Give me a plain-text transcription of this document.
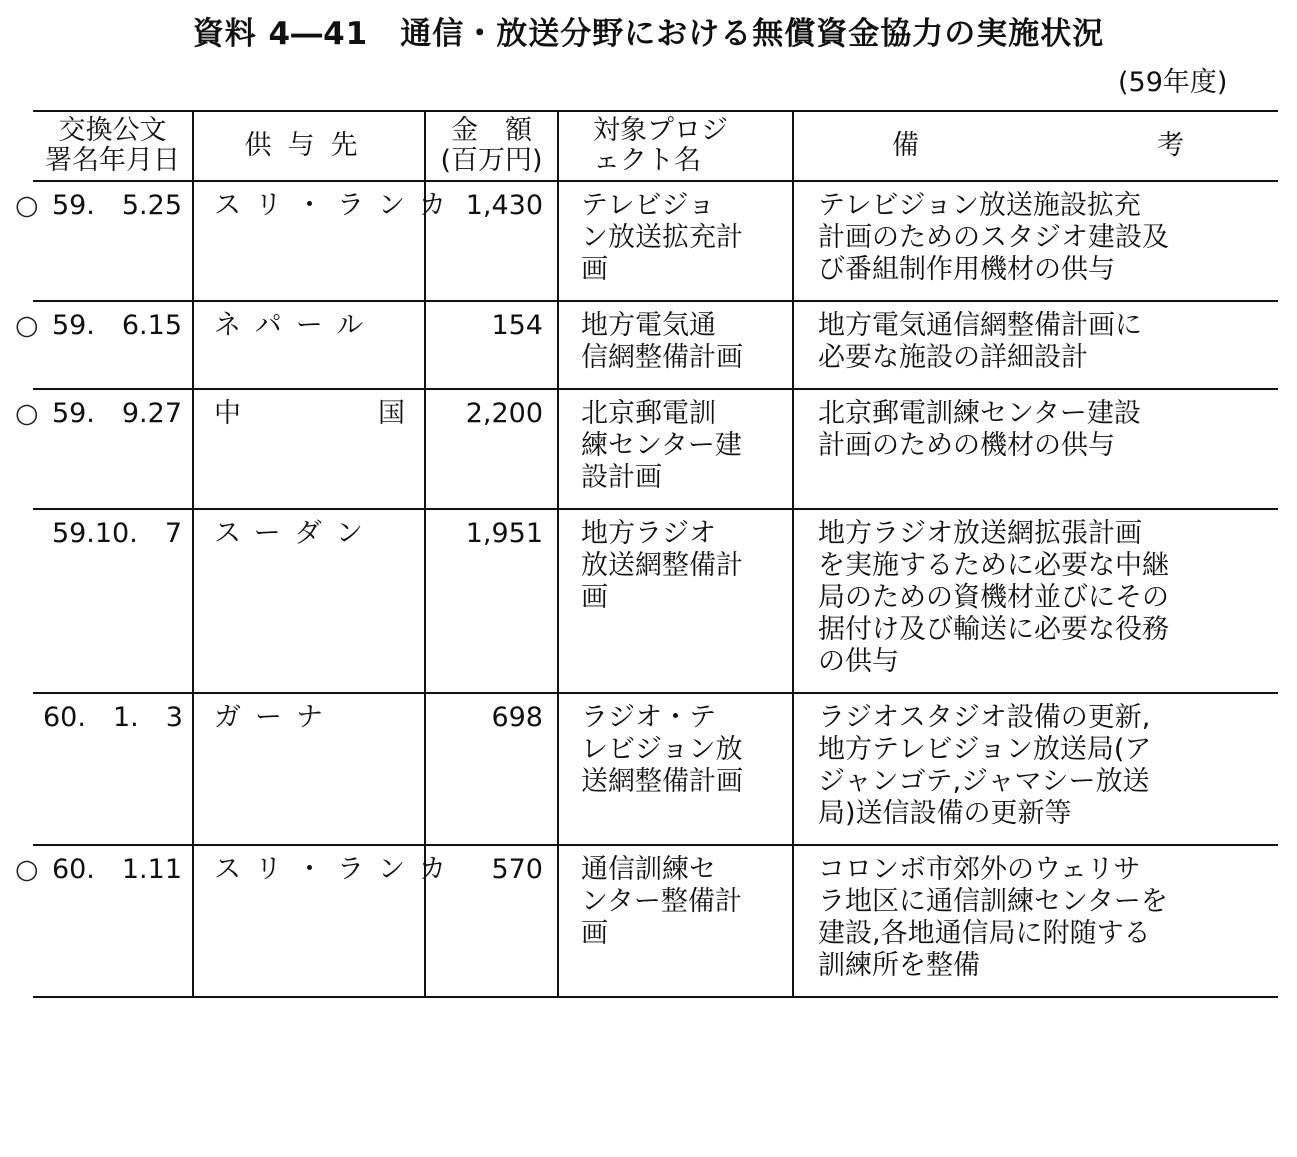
資料 4―41　通信・放送分野における無償資金協力の実施状況
(59年度)
交換公文
署名年月日	供与先	金　額
(百万円)	対象プロジ
ェクト名	備 考

○ 59.　5.25	スリ・ランカ	1,430	テレビジョ
ン放送拡充計
画	テレビジョン放送施設拡充
計画のためのスタジオ建設及
び番組制作用機材の供与

○ 59.　6.15	ネパール	154	地方電気通
信網整備計画	地方電気通信網整備計画に
必要な施設の詳細設計

○ 59.　9.27	中　　　国	2,200	北京郵電訓
練センター建
設計画	北京郵電訓練センター建設
計画のための機材の供与

59.10.　7	スーダン	1,951	地方ラジオ
放送網整備計
画	地方ラジオ放送網拡張計画
を実施するために必要な中継
局のための資機材並びにその
据付け及び輸送に必要な役務
の供与

60.　1.　3	ガーナ	698	ラジオ・テ
レビジョン放
送網整備計画	ラジオスタジオ設備の更新,
地方テレビジョン放送局(ア
ジャンゴテ,ジャマシー放送
局)送信設備の更新等

○ 60.　1.11	スリ・ランカ	570	通信訓練セ
ンター整備計
画	コロンボ市郊外のウェリサ
ラ地区に通信訓練センターを
建設,各地通信局に附随する
訓練所を整備
